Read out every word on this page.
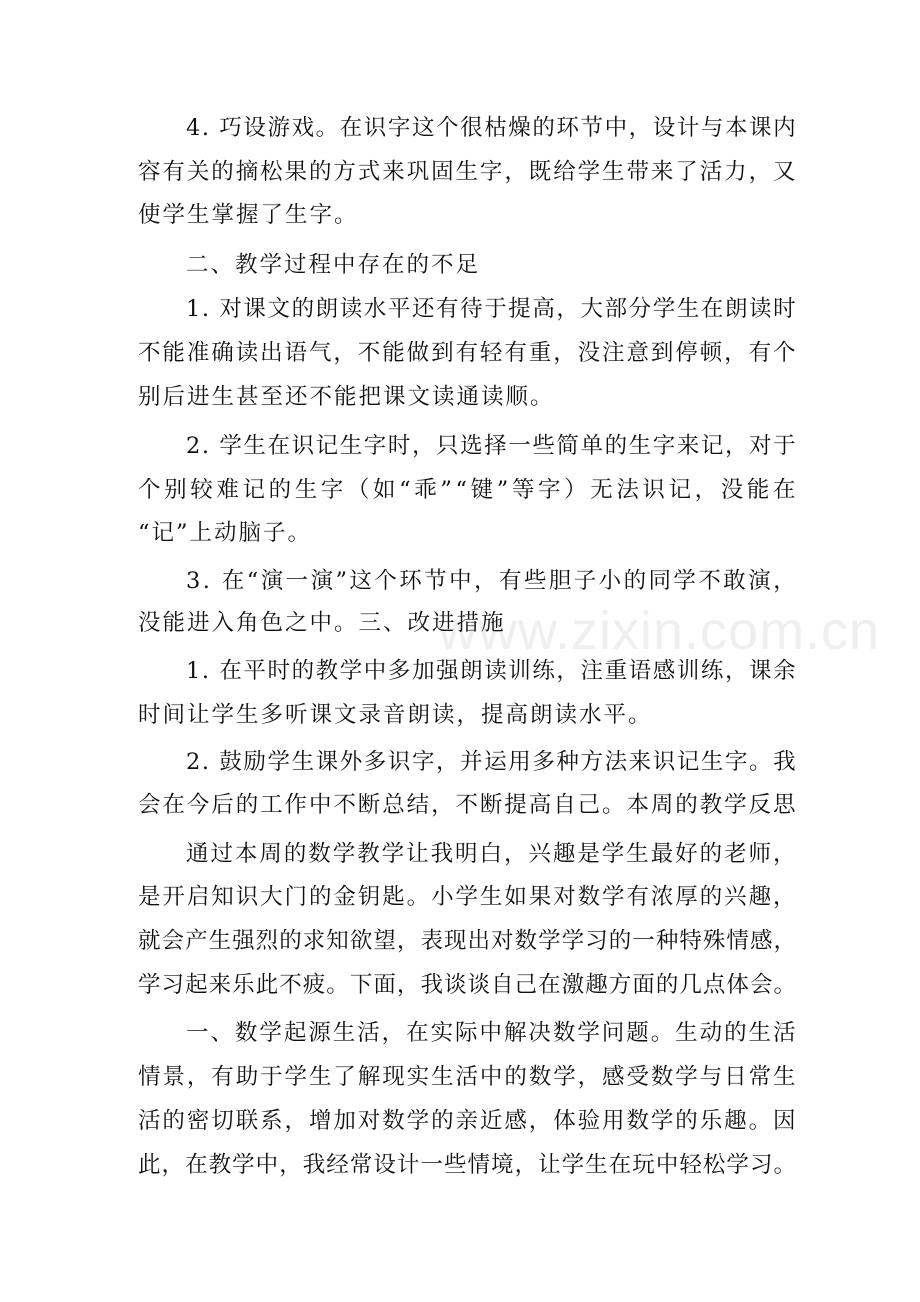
www.zixin.com.cn
4. 巧设游戏。在识字这个很枯燥的环节中，设计与本课内
容有关的摘松果的方式来巩固生字，既给学生带来了活力，又
使学生掌握了生字。
二、教学过程中存在的不足
1. 对课文的朗读水平还有待于提高，大部分学生在朗读时
不能准确读出语气，不能做到有轻有重，没注意到停顿，有个
别后进生甚至还不能把课文读通读顺。
2. 学生在识记生字时，只选择一些简单的生字来记，对于
个别较难记的生字（如“乖”“键”等字）无法识记，没能在
“记”上动脑子。
3. 在“演一演”这个环节中，有些胆子小的同学不敢演，
没能进入角色之中。三、改进措施
1. 在平时的教学中多加强朗读训练，注重语感训练，课余
时间让学生多听课文录音朗读，提高朗读水平。
2. 鼓励学生课外多识字，并运用多种方法来识记生字。我
会在今后的工作中不断总结，不断提高自己。本周的教学反思
通过本周的数学教学让我明白，兴趣是学生最好的老师，
是开启知识大门的金钥匙。小学生如果对数学有浓厚的兴趣，
就会产生强烈的求知欲望，表现出对数学学习的一种特殊情感，
学习起来乐此不疲。下面，我谈谈自己在激趣方面的几点体会。
一、数学起源生活，在实际中解决数学问题。生动的生活
情景，有助于学生了解现实生活中的数学，感受数学与日常生
活的密切联系，增加对数学的亲近感，体验用数学的乐趣。因
此，在教学中，我经常设计一些情境，让学生在玩中轻松学习。
